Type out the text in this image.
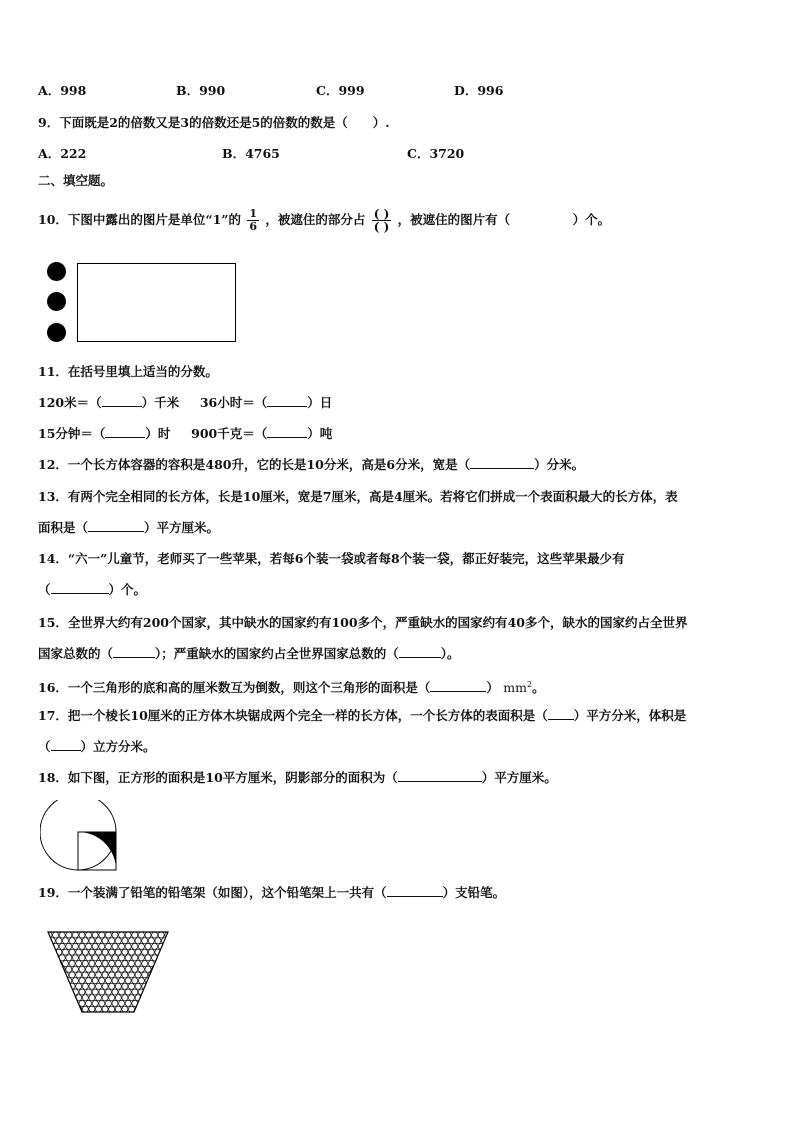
A．998	B．990	C．999	D．996
9．下面既是2的倍数又是3的倍数还是5的倍数的数是（　　）.
A．222	B．4765	C．3720
二、填空题。
10．下图中露出的图片是单位“1”的 $\frac{1}{6}$ ，被遮住的部分占 $\frac{( )}{( )}$ ，被遮住的图片有（　　　　　）个。
11．在括号里填上适当的分数。
120米＝（	）千米 36小时＝（	）日
15分钟＝（	）时 900千克＝（	）吨
12．一个长方体容器的容积是480升，它的长是10分米，高是6分米，宽是（	）分米。
13．有两个完全相同的长方体，长是10厘米，宽是7厘米，高是4厘米。若将它们拼成一个表面积最大的长方体，表
面积是（	）平方厘米。
14．“六一”儿童节，老师买了一些苹果，若每6个装一袋或者每8个装一袋，都正好装完，这些苹果最少有
（	）个。
15．全世界大约有200个国家，其中缺水的国家约有100多个，严重缺水的国家约有40多个，缺水的国家约占全世界
国家总数的（	）；严重缺水的国家约占全世界国家总数的（	）。
16．一个三角形的底和高的厘米数互为倒数，则这个三角形的面积是（	） $mm^2$。
17．把一个棱长10厘米的正方体木块锯成两个完全一样的长方体，一个长方体的表面积是（ ）平方分米，体积是
（ ）立方分米。
18．如下图，正方形的面积是10平方厘米，阴影部分的面积为（	）平方厘米。
19．一个装满了铅笔的铅笔架（如图），这个铅笔架上一共有（	）支铅笔。
